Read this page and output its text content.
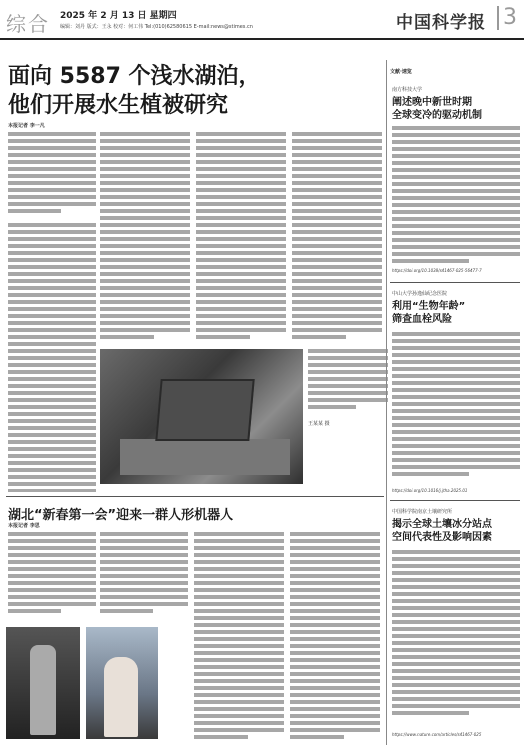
综合 2025 年 2 月 13 日 星期四
编辑：刘丹 版式：王永 校对：何工伟 Tel:(010)62580615 E-mail:news@stimes.cn	中国科学报 3
面向 5587 个浅水湖泊，
他们开展水生植被研究
本报记者 李一凡
王某某 摄
湖北“新春第一会”迎来一群人形机器人
本报记者 李思
文献·速览
南方科技大学
阐述晚中新世时期
全球变冷的驱动机制
https://doi.org/10.1038/s41467-025-56477-7
中山大学孙逸仙纪念医院
利用“生物年龄”
筛查血栓风险
https://doi.org/10.1016/j.jtha.2025.01
中国科学院南京土壤研究所
揭示全球土壤冰分站点
空间代表性及影响因素
https://www.nature.com/articles/s41467-025
